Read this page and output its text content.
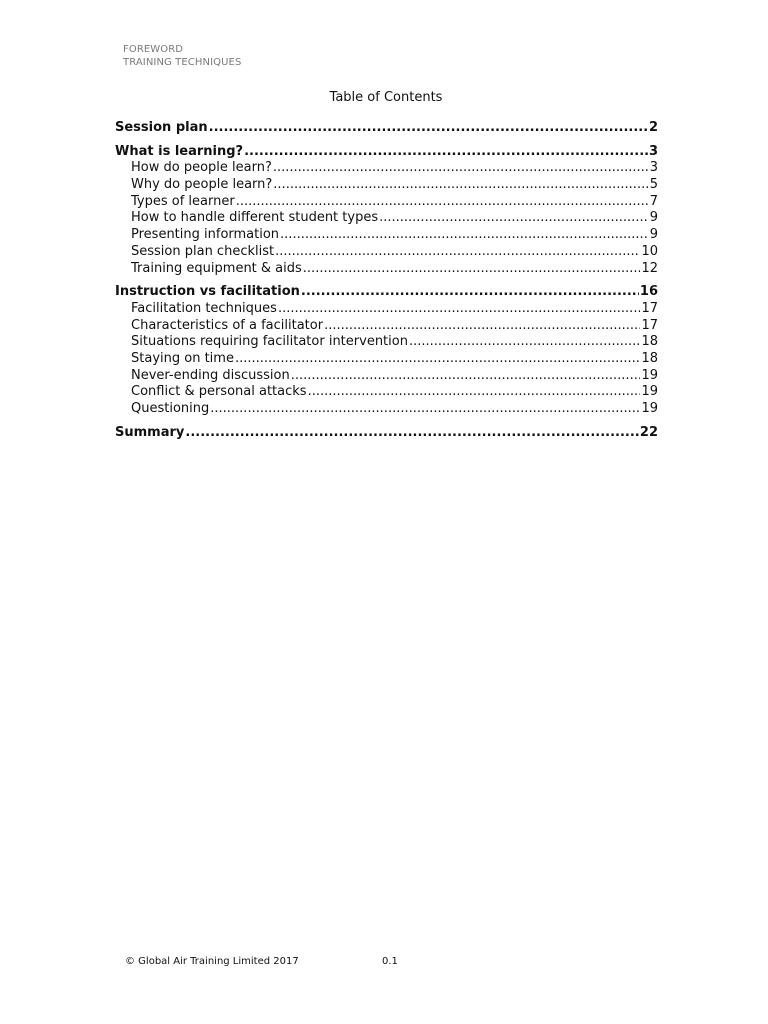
FOREWORD
TRAINING TECHNIQUES
Table of Contents
Session plan .....	2
What is learning? .....	3
How do people learn? .....	3
Why do people learn? .....	5
Types of learner .....	7
How to handle different student types .....	9
Presenting information .....	9
Session plan checklist .....	10
Training equipment & aids .....	12
Instruction vs facilitation .....	16
Facilitation techniques .....	17
Characteristics of a facilitator .....	17
Situations requiring facilitator intervention .....	18
Staying on time .....	18
Never-ending discussion .....	19
Conflict & personal attacks .....	19
Questioning .....	19
Summary .....	22
© Global Air Training Limited 2017	0.1
